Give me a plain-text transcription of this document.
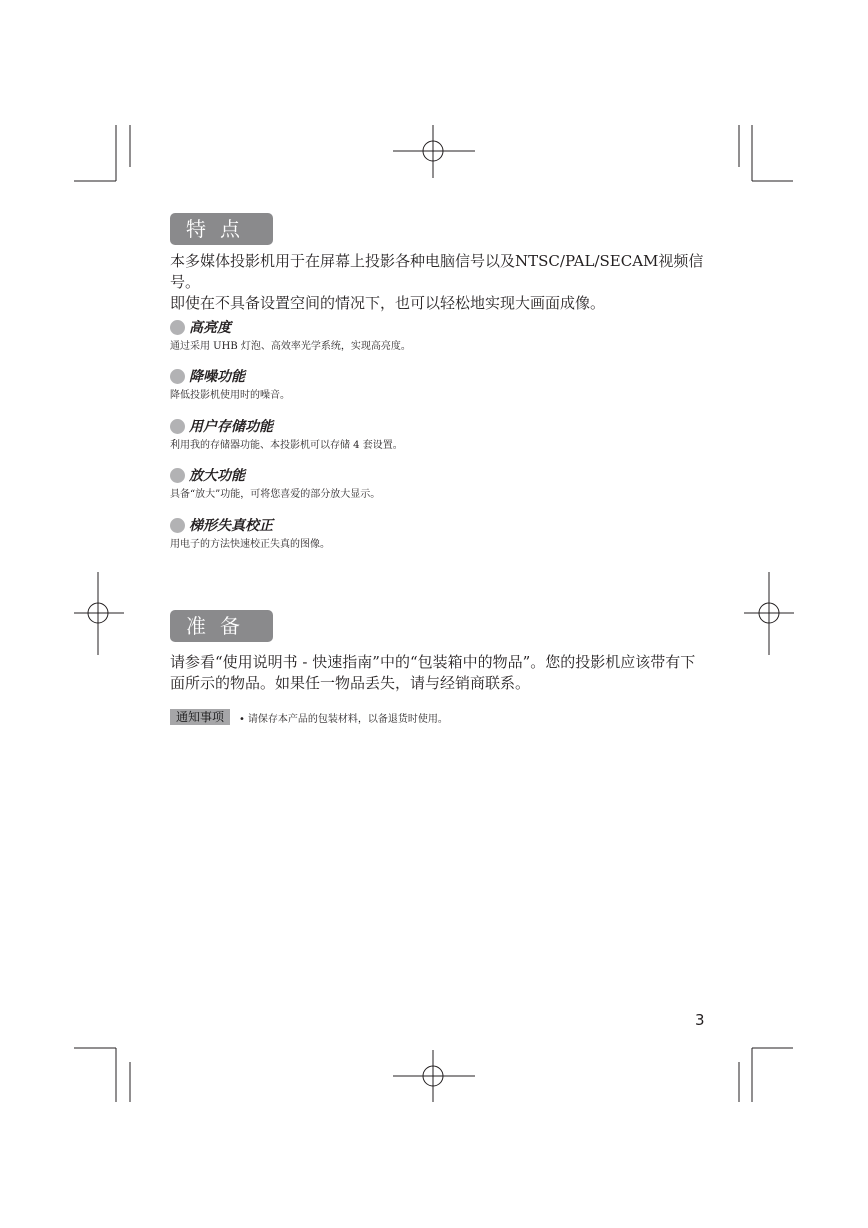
特点
本多媒体投影机用于在屏幕上投影各种电脑信号以及NTSC/PAL/SECAM视频信号。
即使在不具备设置空间的情况下，也可以轻松地实现大画面成像。
高亮度
通过采用 UHB 灯泡、高效率光学系统，实现高亮度。
降噪功能
降低投影机使用时的噪音。
用户存储功能
利用我的存储器功能、本投影机可以存储 4 套设置。
放大功能
具备“放大”功能，可将您喜爱的部分放大显示。
梯形失真校正
用电子的方法快速校正失真的图像。
准备
请参看“使用说明书 - 快速指南”中的“包装箱中的物品”。您的投影机应该带有下
面所示的物品。如果任一物品丢失，请与经销商联系。
通知事项	• 请保存本产品的包装材料，以备退货时使用。
3
